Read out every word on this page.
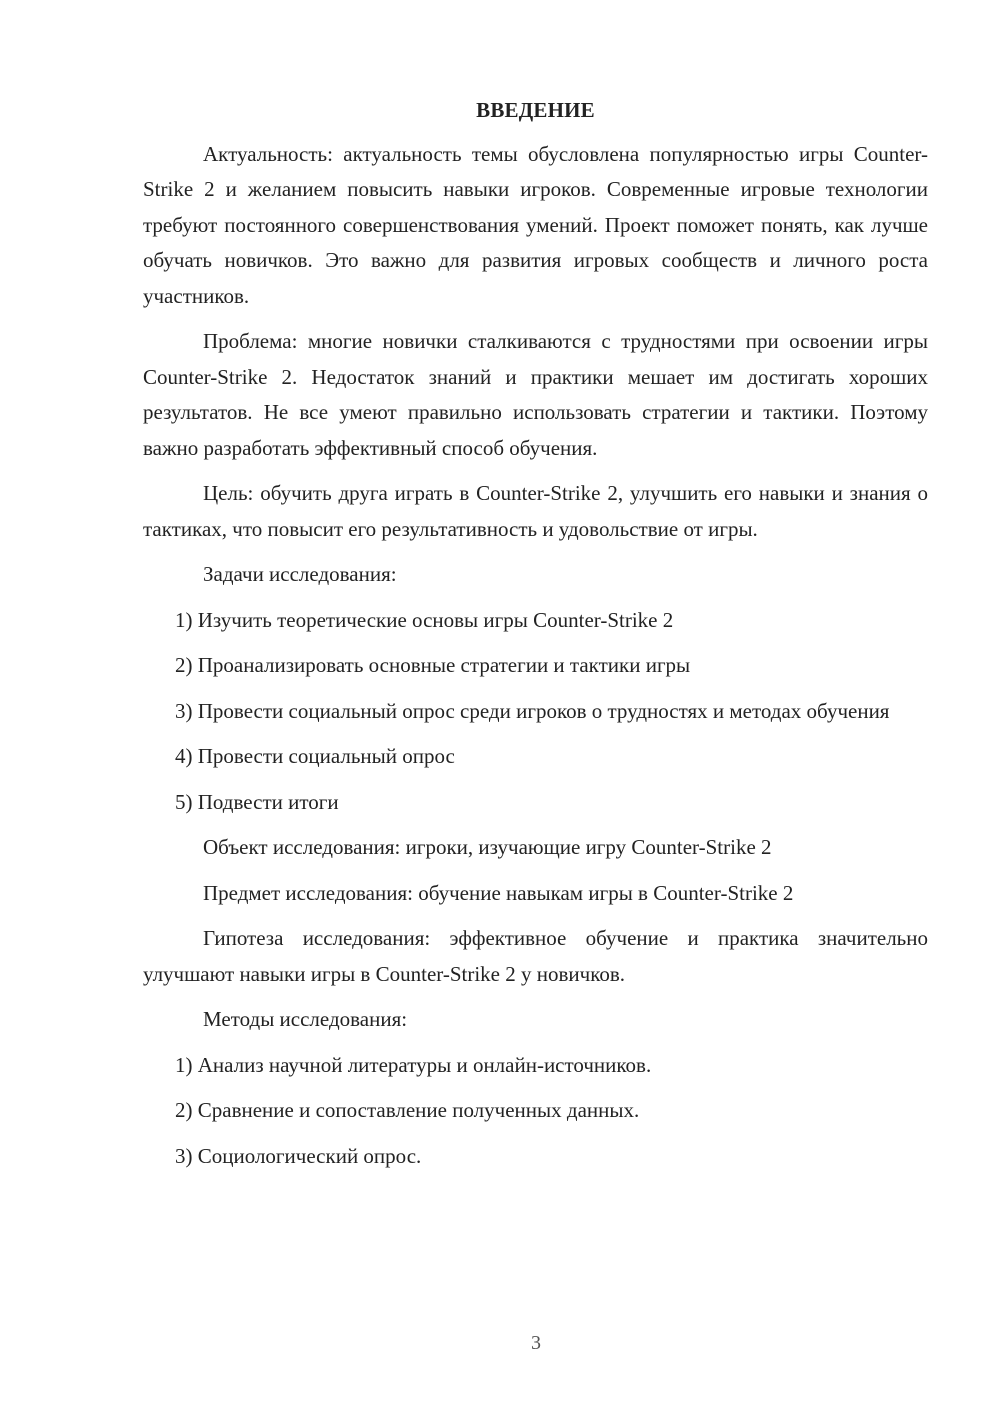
ВВЕДЕНИЕ

Актуальность: актуальность темы обусловлена популярностью игры Counter-Strike 2 и желанием повысить навыки игроков. Современные игровые технологии требуют постоянного совершенствования умений. Проект поможет понять, как лучше обучать новичков. Это важно для развития игровых сообществ и личного роста участников.

Проблема: многие новички сталкиваются с трудностями при освоении игры Counter-Strike 2. Недостаток знаний и практики мешает им достигать хороших результатов. Не все умеют правильно использовать стратегии и тактики. Поэтому важно разработать эффективный способ обучения.

Цель: обучить друга играть в Counter-Strike 2, улучшить его навыки и знания о тактиках, что повысит его результативность и удовольствие от игры.

Задачи исследования:

1) Изучить теоретические основы игры Counter-Strike 2

2) Проанализировать основные стратегии и тактики игры

3) Провести социальный опрос среди игроков о трудностях и методах обучения

4) Провести социальный опрос

5) Подвести итоги

Объект исследования: игроки, изучающие игру Counter-Strike 2

Предмет исследования: обучение навыкам игры в Counter-Strike 2

Гипотеза исследования: эффективное обучение и практика значительно улучшают навыки игры в Counter-Strike 2 у новичков.

Методы исследования:

1) Анализ научной литературы и онлайн-источников.

2) Сравнение и сопоставление полученных данных.

3) Социологический опрос.

3
